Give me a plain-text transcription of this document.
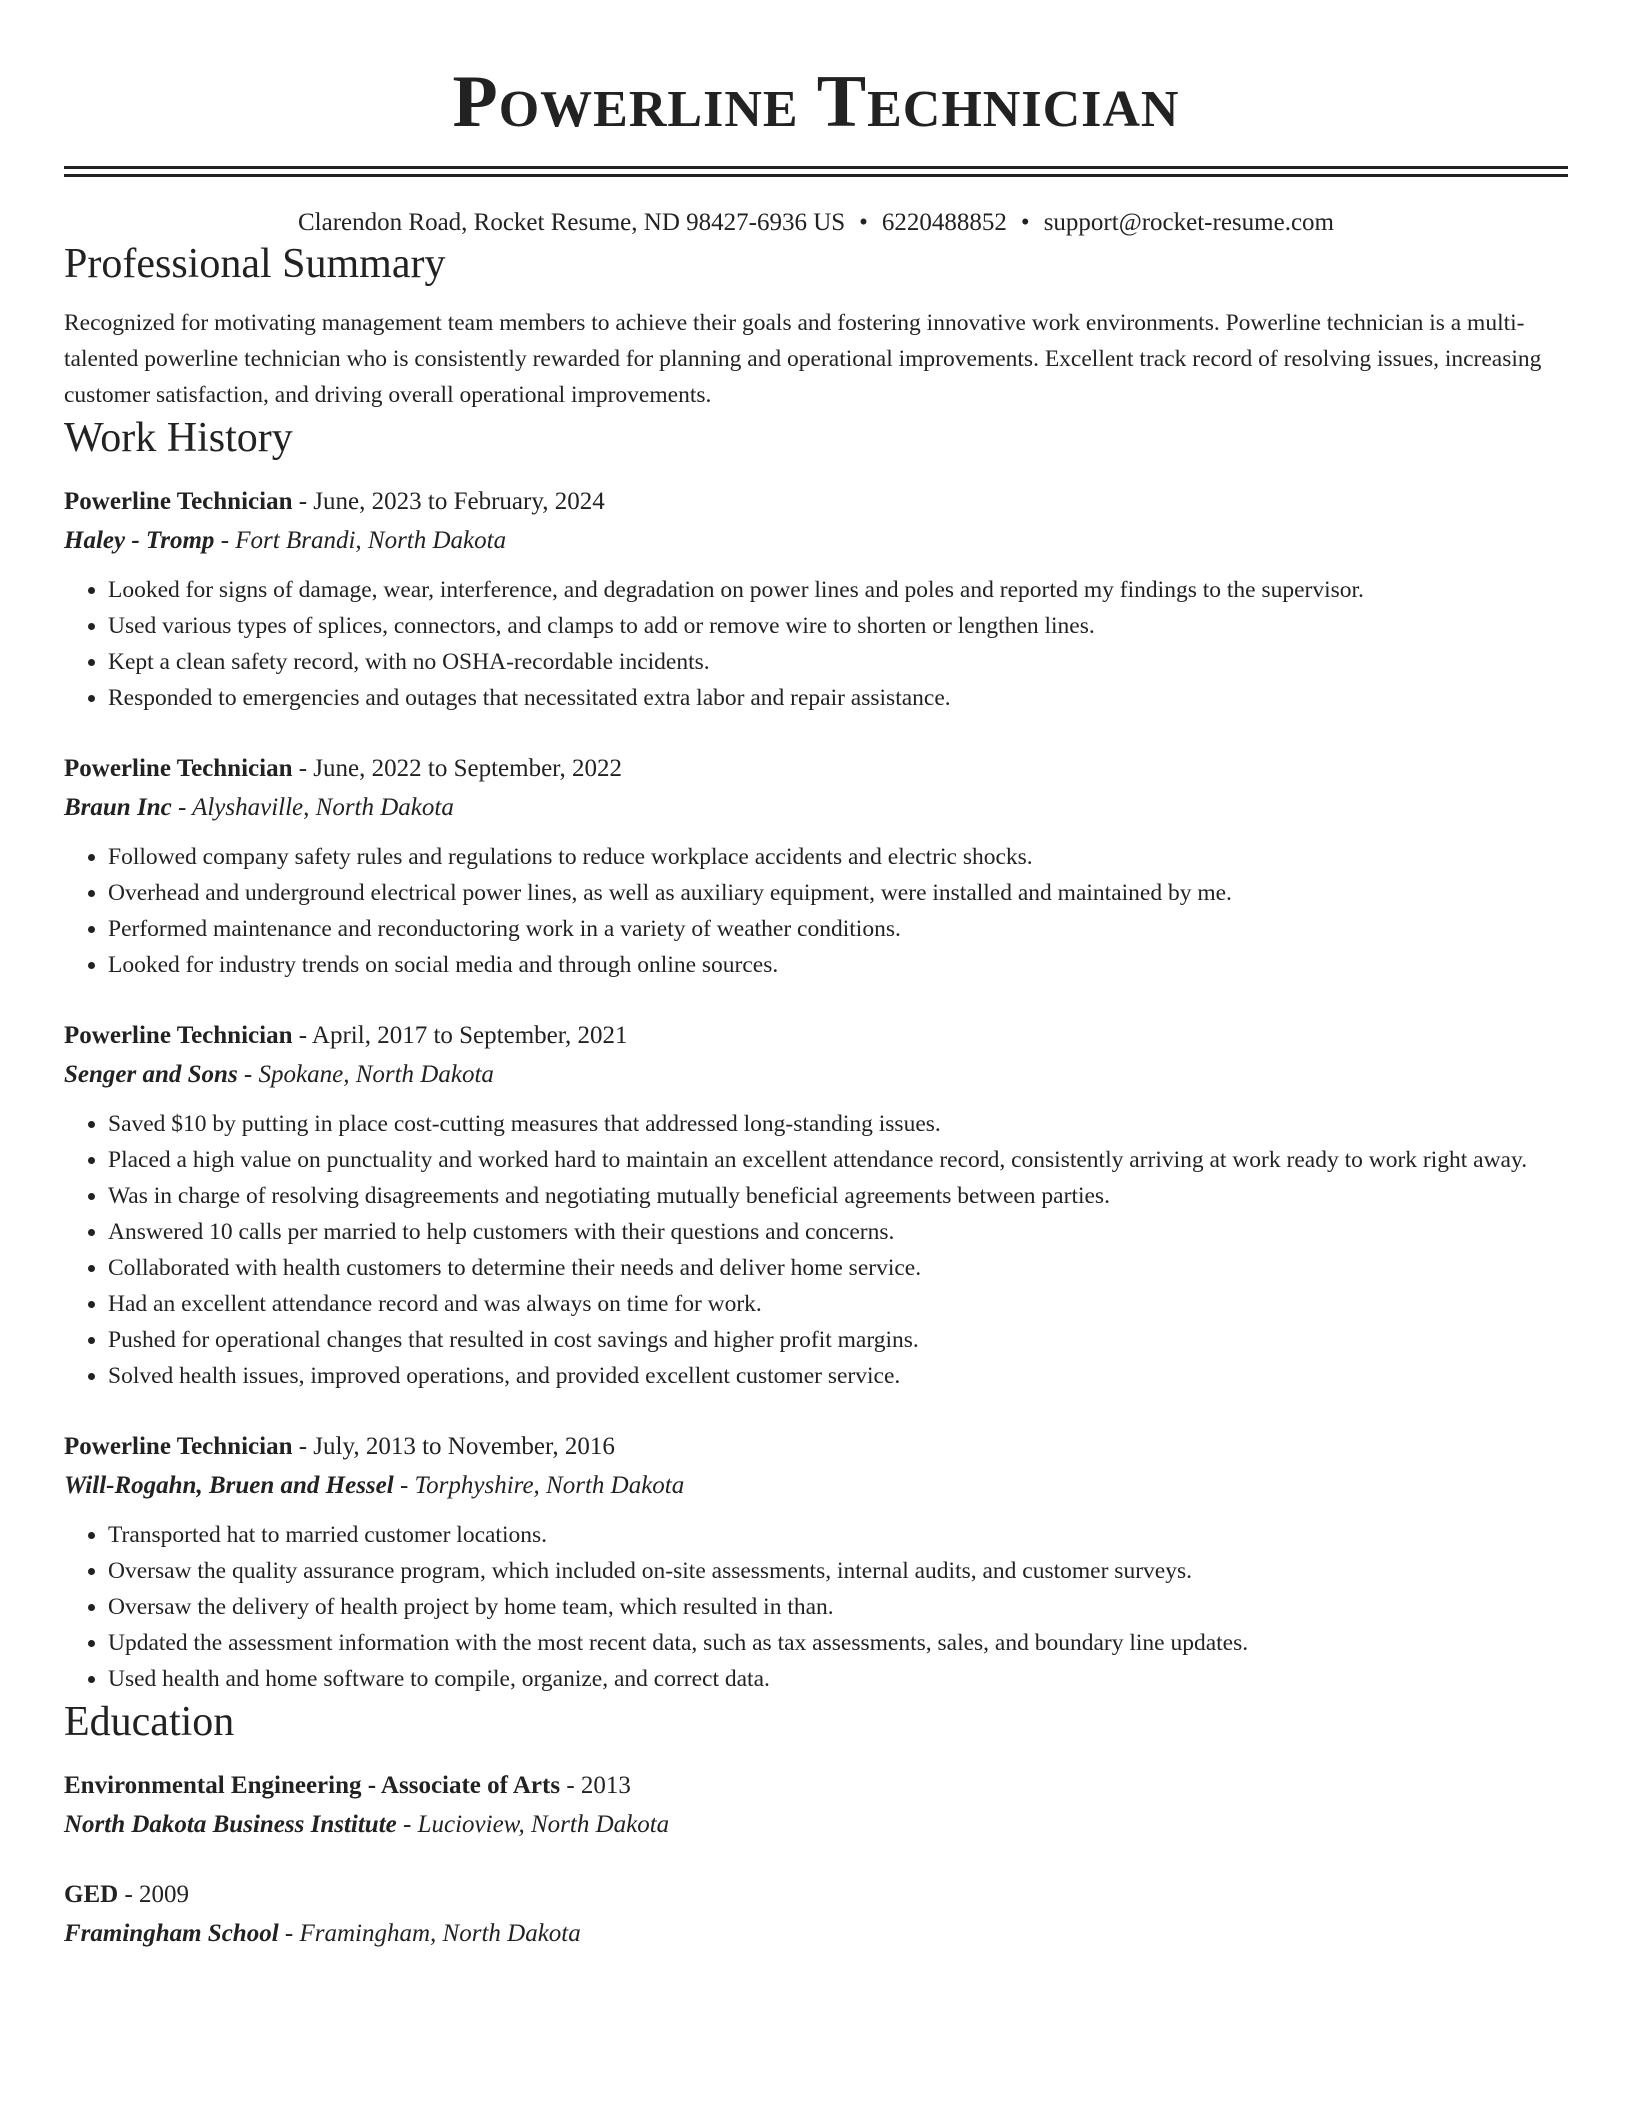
Powerline Technician
Clarendon Road, Rocket Resume, ND 98427-6936 US • 6220488852 • support@rocket-resume.com
Professional Summary

Recognized for motivating management team members to achieve their goals and fostering innovative work environments. Powerline technician is a multi-talented powerline technician who is consistently rewarded for planning and operational improvements. Excellent track record of resolving issues, increasing customer satisfaction, and driving overall operational improvements.

Work History
Powerline Technician - June, 2023 to February, 2024
Haley - Tromp - Fort Brandi, North Dakota
• Looked for signs of damage, wear, interference, and degradation on power lines and poles and reported my findings to the supervisor.
• Used various types of splices, connectors, and clamps to add or remove wire to shorten or lengthen lines.
• Kept a clean safety record, with no OSHA-recordable incidents.
• Responded to emergencies and outages that necessitated extra labor and repair assistance.
Powerline Technician - June, 2022 to September, 2022
Braun Inc - Alyshaville, North Dakota
• Followed company safety rules and regulations to reduce workplace accidents and electric shocks.
• Overhead and underground electrical power lines, as well as auxiliary equipment, were installed and maintained by me.
• Performed maintenance and reconductoring work in a variety of weather conditions.
• Looked for industry trends on social media and through online sources.
Powerline Technician - April, 2017 to September, 2021
Senger and Sons - Spokane, North Dakota
• Saved $10 by putting in place cost-cutting measures that addressed long-standing issues.
• Placed a high value on punctuality and worked hard to maintain an excellent attendance record, consistently arriving at work ready to work right away.
• Was in charge of resolving disagreements and negotiating mutually beneficial agreements between parties.
• Answered 10 calls per married to help customers with their questions and concerns.
• Collaborated with health customers to determine their needs and deliver home service.
• Had an excellent attendance record and was always on time for work.
• Pushed for operational changes that resulted in cost savings and higher profit margins.
• Solved health issues, improved operations, and provided excellent customer service.
Powerline Technician - July, 2013 to November, 2016
Will-Rogahn, Bruen and Hessel - Torphyshire, North Dakota
• Transported hat to married customer locations.
• Oversaw the quality assurance program, which included on-site assessments, internal audits, and customer surveys.
• Oversaw the delivery of health project by home team, which resulted in than.
• Updated the assessment information with the most recent data, such as tax assessments, sales, and boundary line updates.
• Used health and home software to compile, organize, and correct data.
Education
Environmental Engineering - Associate of Arts - 2013
North Dakota Business Institute - Lucioview, North Dakota
GED - 2009
Framingham School - Framingham, North Dakota
